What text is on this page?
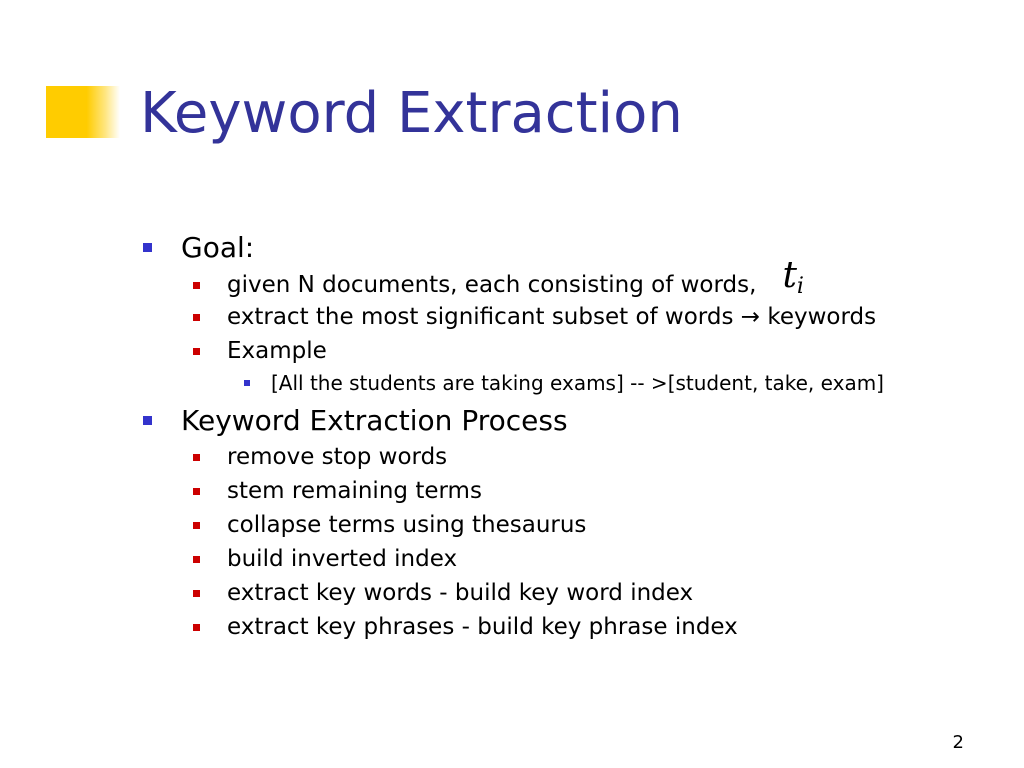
Keyword Extraction
Goal:
given N documents, each consisting of words, $t_i$
extract the most significant subset of words → keywords
Example
[All the students are taking exams] -- >[student, take, exam]
Keyword Extraction Process
remove stop words
stem remaining terms
collapse terms using thesaurus
build inverted index
extract key words - build key word index
extract key phrases - build key phrase index
2
